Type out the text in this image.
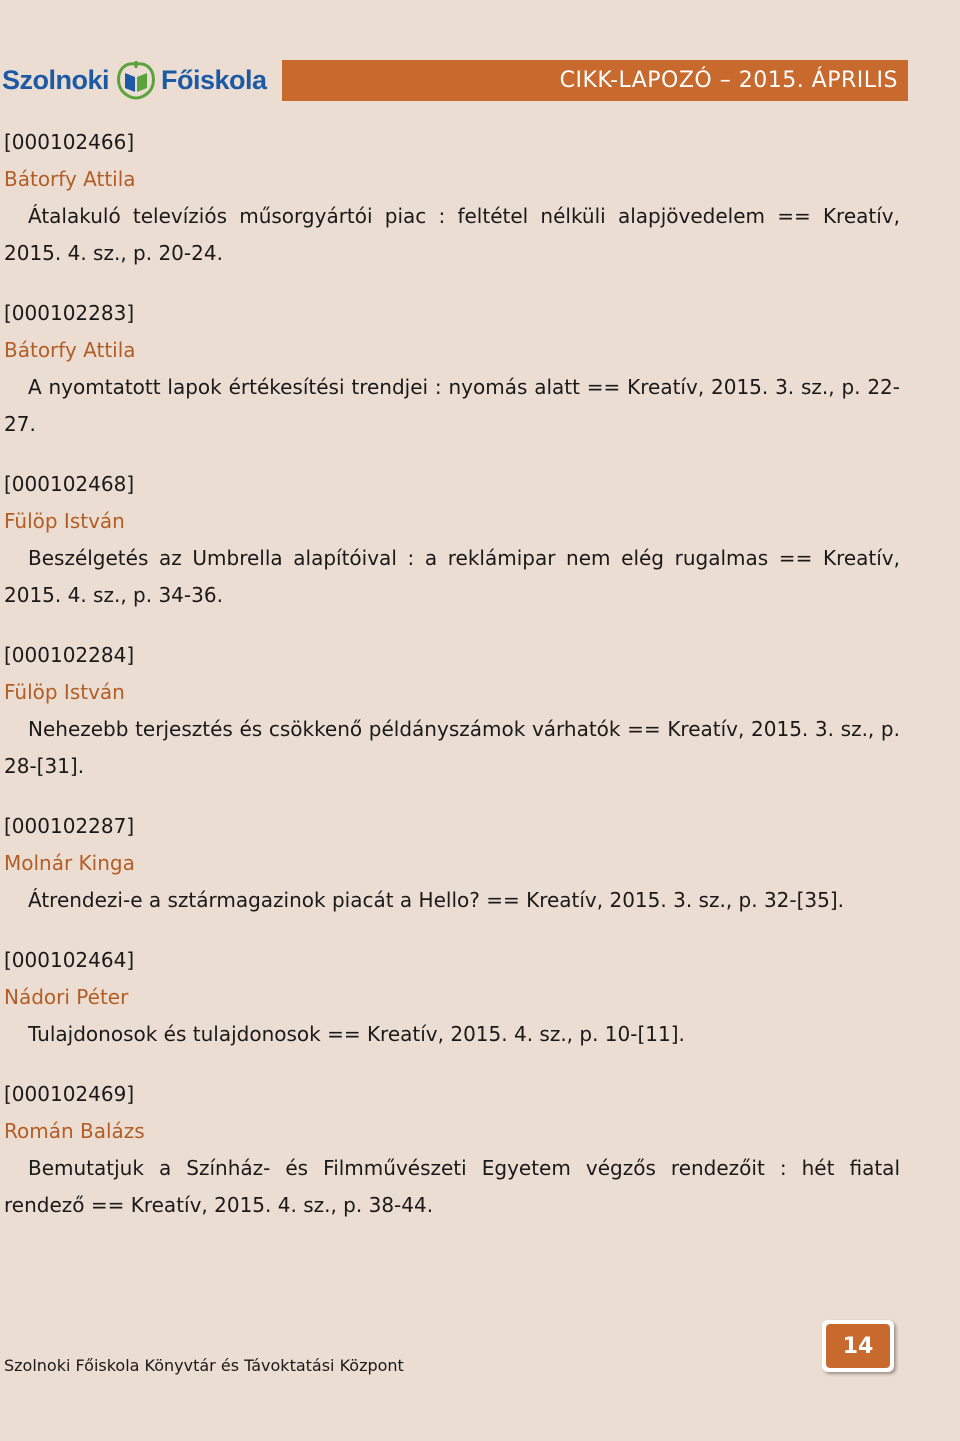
Szolnoki Főiskola	CIKK-LAPOZÓ – 2015. ÁPRILIS
[000102466]
Bátorfy Attila

Átalakuló televíziós műsorgyártói piac : feltétel nélküli alapjövedelem == Kreatív, 2015. 4. sz., p. 20-24.

[000102283]
Bátorfy Attila

A nyomtatott lapok értékesítési trendjei : nyomás alatt == Kreatív, 2015. 3. sz., p. 22-27.

[000102468]
Fülöp István

Beszélgetés az Umbrella alapítóival : a reklámipar nem elég rugalmas == Kreatív, 2015. 4. sz., p. 34-36.

[000102284]
Fülöp István

Nehezebb terjesztés és csökkenő példányszámok várhatók == Kreatív, 2015. 3. sz., p. 28-[31].

[000102287]
Molnár Kinga

Átrendezi-e a sztármagazinok piacát a Hello? == Kreatív, 2015. 3. sz., p. 32-[35].

[000102464]
Nádori Péter

Tulajdonosok és tulajdonosok == Kreatív, 2015. 4. sz., p. 10-[11].

[000102469]
Román Balázs

Bemutatjuk a Színház- és Filmművészeti Egyetem végzős rendezőit : hét fiatal rendező == Kreatív, 2015. 4. sz., p. 38-44.

Szolnoki Főiskola Könyvtár és Távoktatási Központ
14
